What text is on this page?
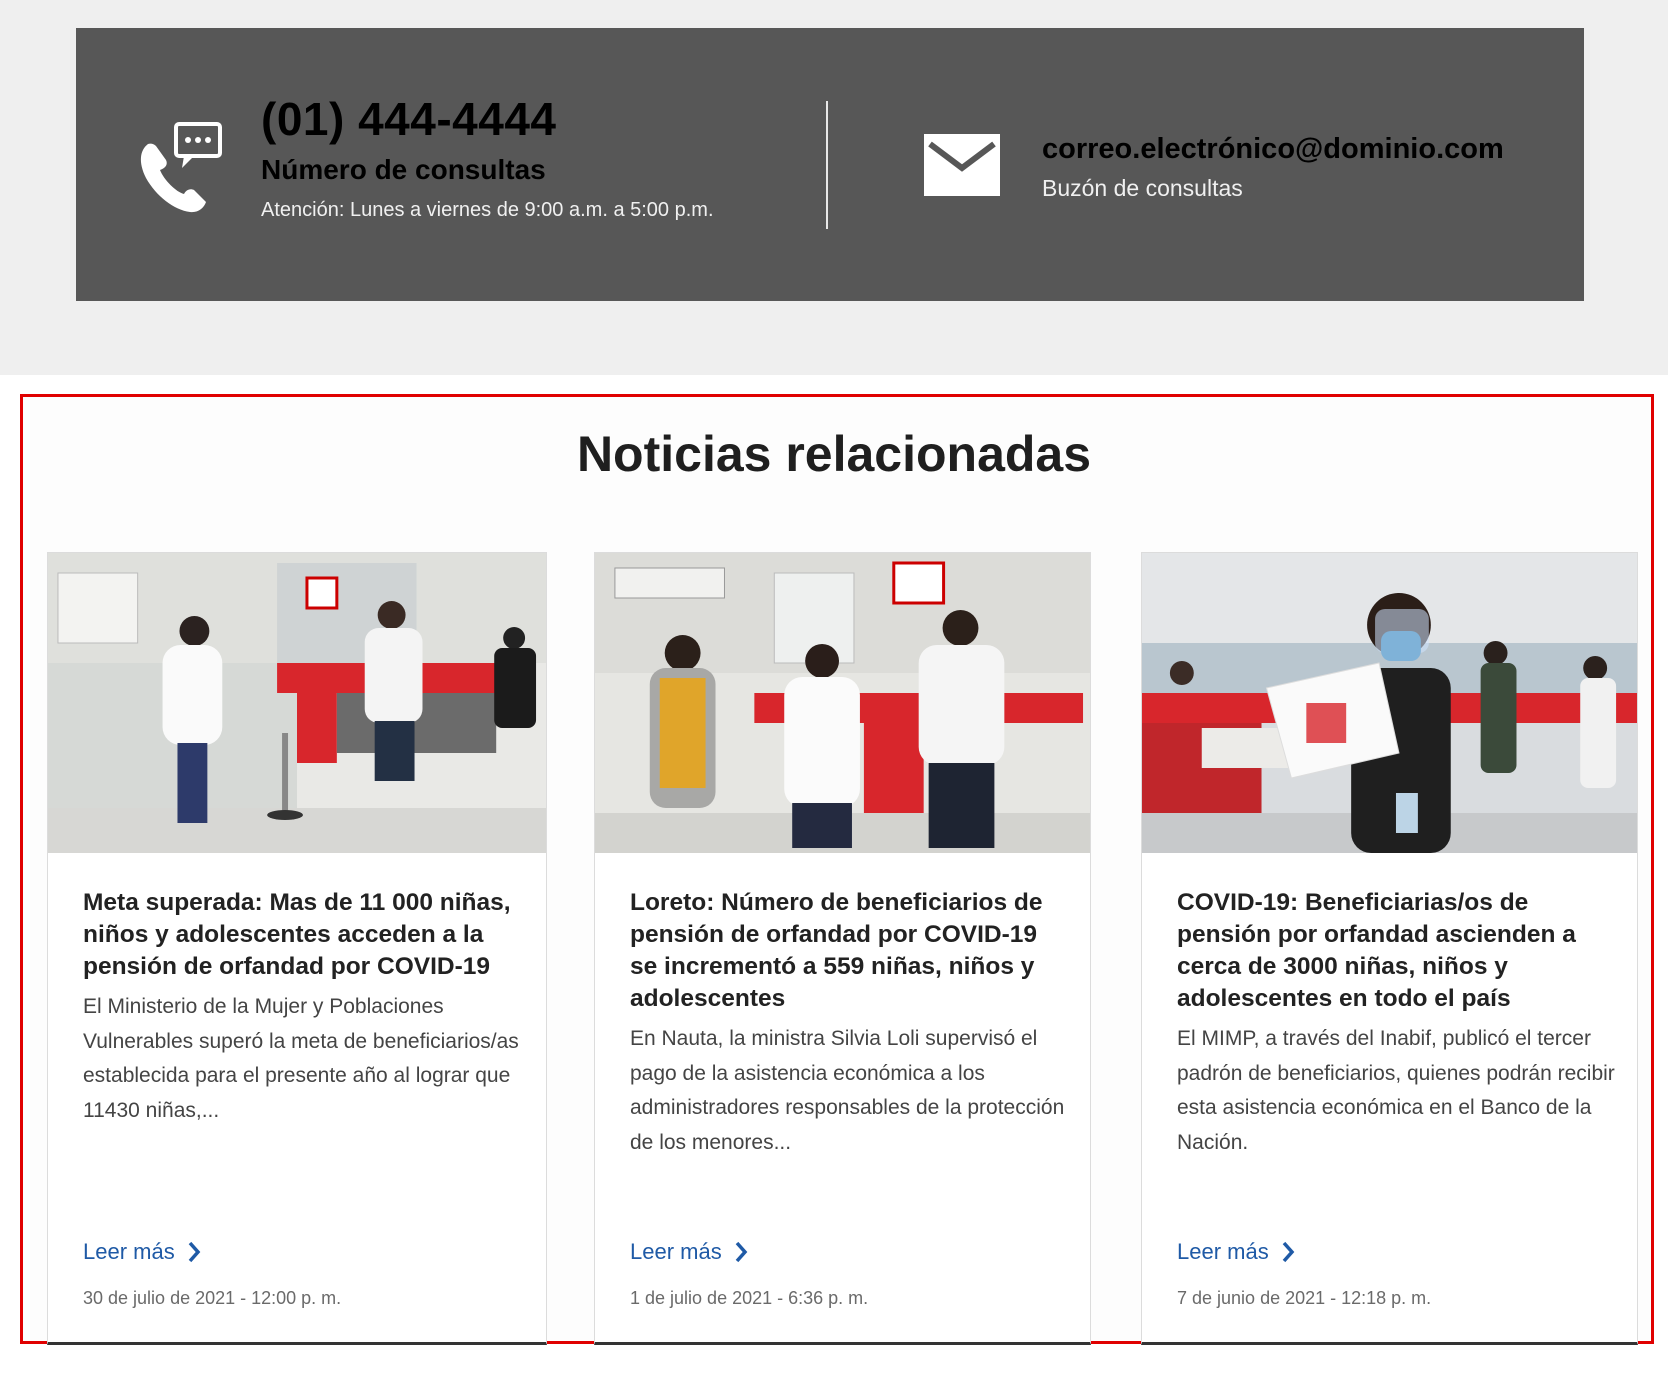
(01) 444-4444
Número de consultas
Atención: Lunes a viernes de 9:00 a.m. a 5:00 p.m.
correo.electrónico@dominio.com
Buzón de consultas
Noticias relacionadas
Meta superada: Mas de 11 000 niñas, niños y adolescentes acceden a la pensión de orfandad por COVID-19
El Ministerio de la Mujer y Poblaciones Vulnerables superó la meta de beneficiarios/as establecida para el presente año al lograr que 11430 niñas,...
Leer más
30 de julio de 2021 - 12:00 p. m.
Loreto: Número de beneficiarios de pensión de orfandad por COVID-19 se incrementó a 559 niñas, niños y adolescentes
En Nauta, la ministra Silvia Loli supervisó el pago de la asistencia económica a los administradores responsables de la protección de los menores...
Leer más
1 de julio de 2021 - 6:36 p. m.
COVID-19: Beneficiarias/os de pensión por orfandad ascienden a cerca de 3000 niñas, niños y adolescentes en todo el país
El MIMP, a través del Inabif, publicó el tercer padrón de beneficiarios, quienes podrán recibir esta asistencia económica en el Banco de la Nación.
Leer más
7 de junio de 2021 - 12:18 p. m.
